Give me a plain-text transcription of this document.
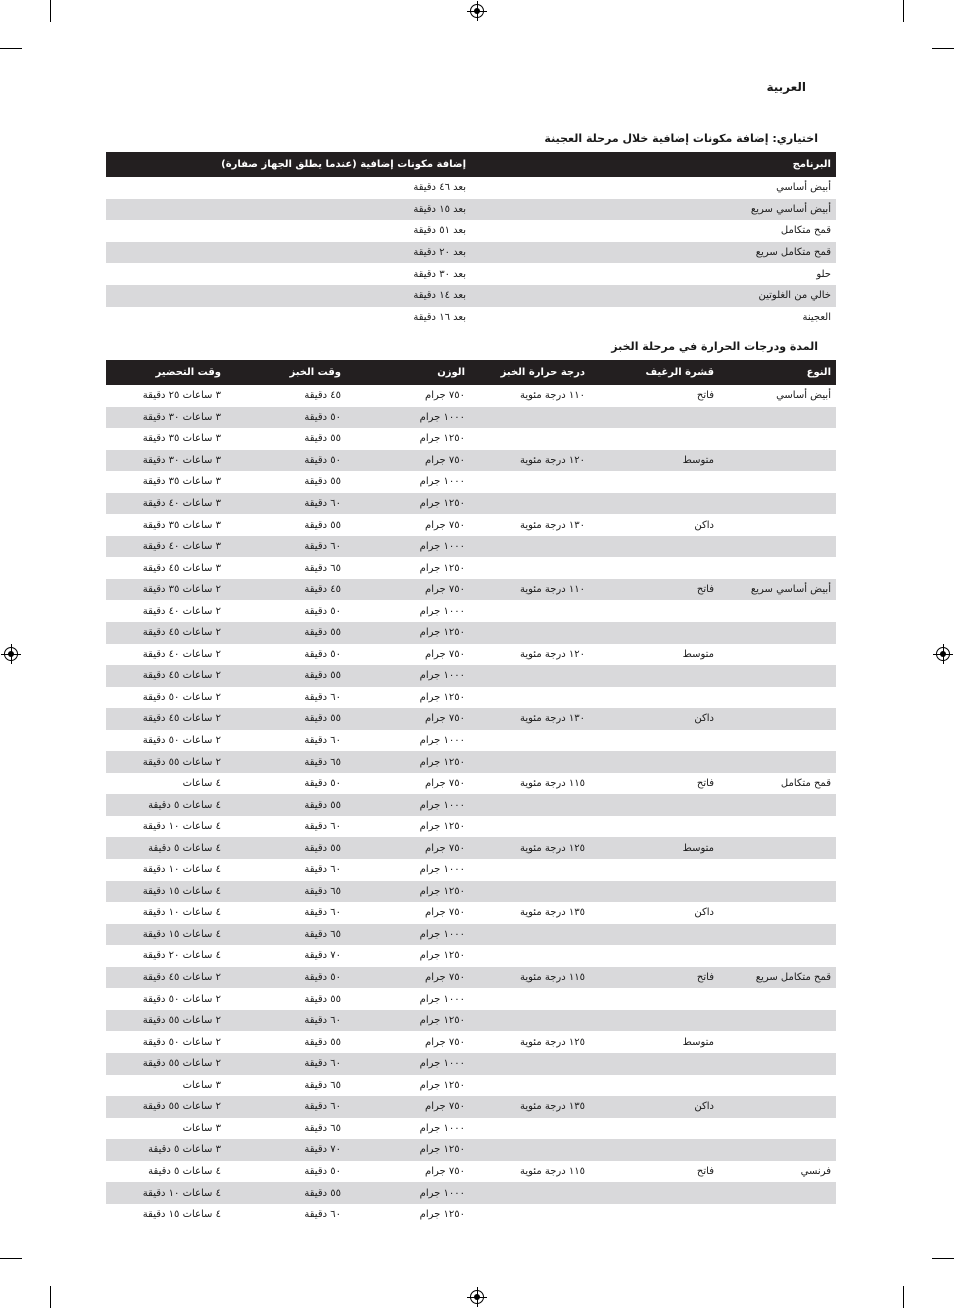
العربية
اختياري: إضافة مكونات إضافية خلال مرحلة العجينة
البرنامج	إضافة مكونات إضافية (عندما يطلق الجهاز صفارة)
أبيض أساسي	بعد ٤٦ دقيقة
أبيض أساسي سريع	بعد ١٥ دقيقة
قمح متكامل	بعد ٥١ دقيقة
قمح متكامل سريع	بعد ٢٠ دقيقة
حلو	بعد ٣٠ دقيقة
خالي من الغلوتين	بعد ١٤ دقيقة
العجينة	بعد ١٦ دقيقة
المدة ودرجات الحرارة في مرحلة الخبز
النوع	قشرة الرغيف	درجة حرارة الخبز	الوزن	وقت الخبز	وقت التحضير
أبيض أساسي	فاتح	١١٠ درجة مئوية	٧٥٠ جرام	٤٥ دقيقة	٣ ساعات ٢٥ دقيقة
			١٠٠٠ جرام	٥٠ دقيقة	٣ ساعات ٣٠ دقيقة
			١٢٥٠ جرام	٥٥ دقيقة	٣ ساعات ٣٥ دقيقة
	متوسط	١٢٠ درجة مئوية	٧٥٠ جرام	٥٠ دقيقة	٣ ساعات ٣٠ دقيقة
			١٠٠٠ جرام	٥٥ دقيقة	٣ ساعات ٣٥ دقيقة
			١٢٥٠ جرام	٦٠ دقيقة	٣ ساعات ٤٠ دقيقة
	داكن	١٣٠ درجة مئوية	٧٥٠ جرام	٥٥ دقيقة	٣ ساعات ٣٥ دقيقة
			١٠٠٠ جرام	٦٠ دقيقة	٣ ساعات ٤٠ دقيقة
			١٢٥٠ جرام	٦٥ دقيقة	٣ ساعات ٤٥ دقيقة
أبيض أساسي سريع	فاتح	١١٠ درجة مئوية	٧٥٠ جرام	٤٥ دقيقة	٢ ساعات ٣٥ دقيقة
			١٠٠٠ جرام	٥٠ دقيقة	٢ ساعات ٤٠ دقيقة
			١٢٥٠ جرام	٥٥ دقيقة	٢ ساعات ٤٥ دقيقة
	متوسط	١٢٠ درجة مئوية	٧٥٠ جرام	٥٠ دقيقة	٢ ساعات ٤٠ دقيقة
			١٠٠٠ جرام	٥٥ دقيقة	٢ ساعات ٤٥ دقيقة
			١٢٥٠ جرام	٦٠ دقيقة	٢ ساعات ٥٠ دقيقة
	داكن	١٣٠ درجة مئوية	٧٥٠ جرام	٥٥ دقيقة	٢ ساعات ٤٥ دقيقة
			١٠٠٠ جرام	٦٠ دقيقة	٢ ساعات ٥٠ دقيقة
			١٢٥٠ جرام	٦٥ دقيقة	٢ ساعات ٥٥ دقيقة
قمح متكامل	فاتح	١١٥ درجة مئوية	٧٥٠ جرام	٥٠ دقيقة	٤ ساعات
			١٠٠٠ جرام	٥٥ دقيقة	٤ ساعات ٥ دقيقة
			١٢٥٠ جرام	٦٠ دقيقة	٤ ساعات ١٠ دقيقة
	متوسط	١٢٥ درجة مئوية	٧٥٠ جرام	٥٥ دقيقة	٤ ساعات ٥ دقيقة
			١٠٠٠ جرام	٦٠ دقيقة	٤ ساعات ١٠ دقيقة
			١٢٥٠ جرام	٦٥ دقيقة	٤ ساعات ١٥ دقيقة
	داكن	١٣٥ درجة مئوية	٧٥٠ جرام	٦٠ دقيقة	٤ ساعات ١٠ دقيقة
			١٠٠٠ جرام	٦٥ دقيقة	٤ ساعات ١٥ دقيقة
			١٢٥٠ جرام	٧٠ دقيقة	٤ ساعات ٢٠ دقيقة
قمح متكامل سريع	فاتح	١١٥ درجة مئوية	٧٥٠ جرام	٥٠ دقيقة	٢ ساعات ٤٥ دقيقة
			١٠٠٠ جرام	٥٥ دقيقة	٢ ساعات ٥٠ دقيقة
			١٢٥٠ جرام	٦٠ دقيقة	٢ ساعات ٥٥ دقيقة
	متوسط	١٢٥ درجة مئوية	٧٥٠ جرام	٥٥ دقيقة	٢ ساعات ٥٠ دقيقة
			١٠٠٠ جرام	٦٠ دقيقة	٢ ساعات ٥٥ دقيقة
			١٢٥٠ جرام	٦٥ دقيقة	٣ ساعات
	داكن	١٣٥ درجة مئوية	٧٥٠ جرام	٦٠ دقيقة	٢ ساعات ٥٥ دقيقة
			١٠٠٠ جرام	٦٥ دقيقة	٣ ساعات
			١٢٥٠ جرام	٧٠ دقيقة	٣ ساعات ٥ دقيقة
فرنسي	فاتح	١١٥ درجة مئوية	٧٥٠ جرام	٥٠ دقيقة	٤ ساعات ٥ دقيقة
			١٠٠٠ جرام	٥٥ دقيقة	٤ ساعات ١٠ دقيقة
			١٢٥٠ جرام	٦٠ دقيقة	٤ ساعات ١٥ دقيقة
